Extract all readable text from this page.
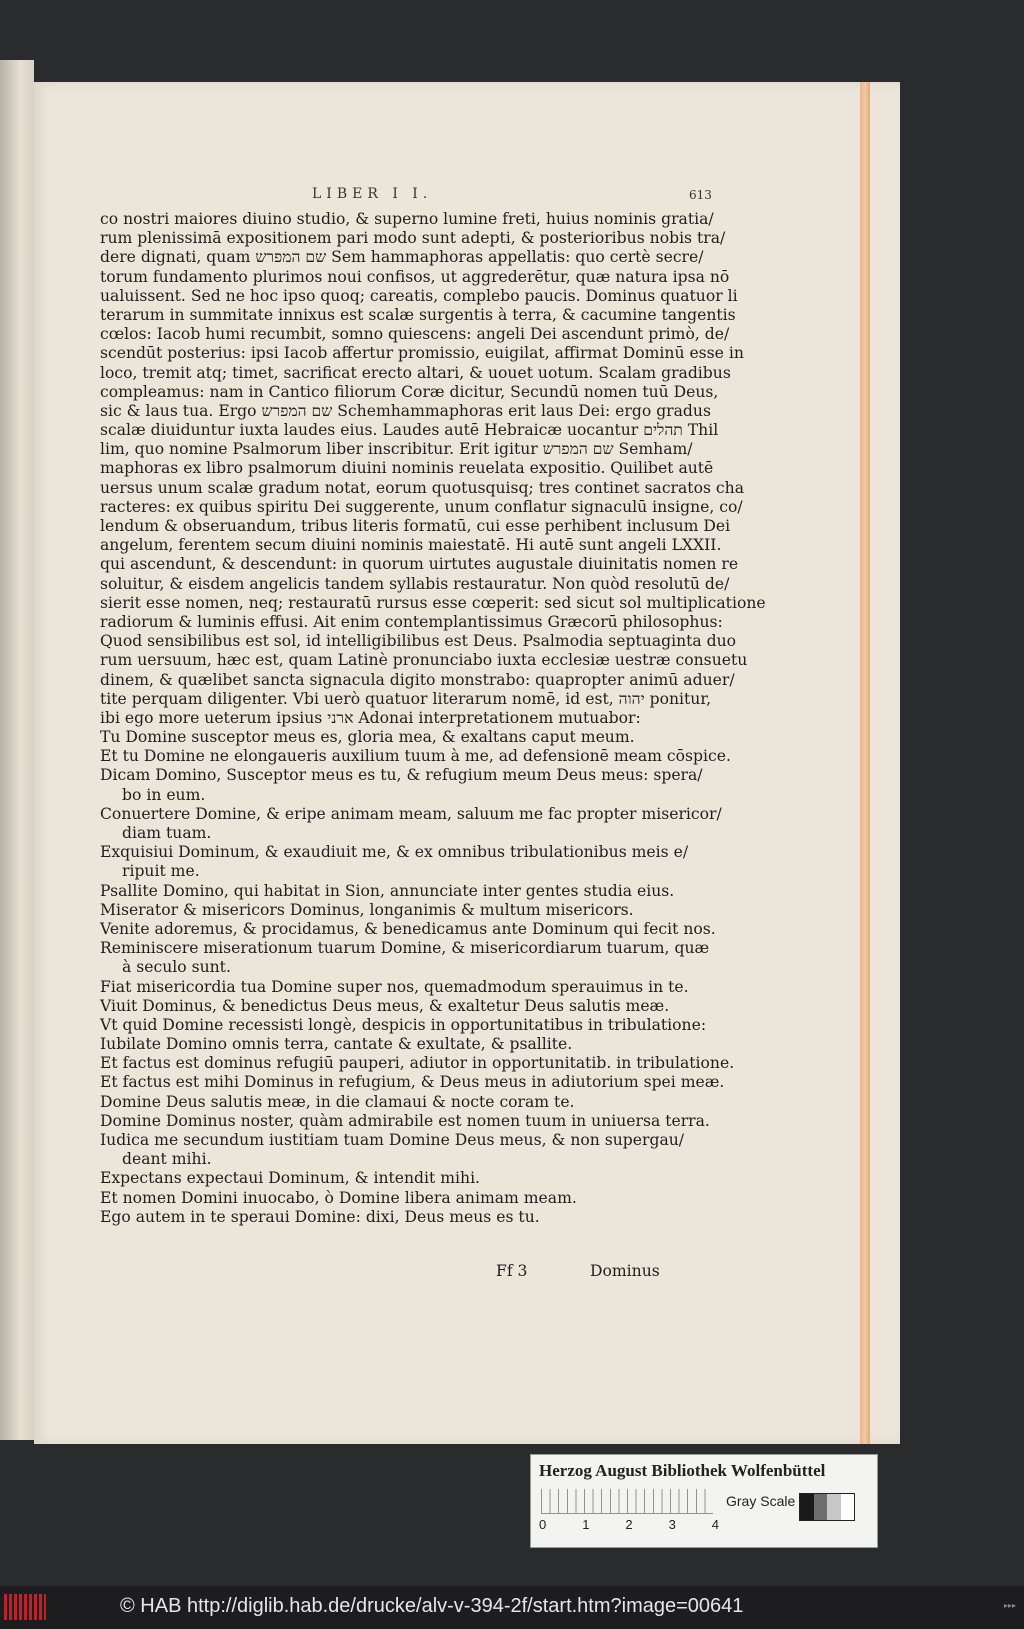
LIBER I I.	613
co nostri maiores diuino studio, & superno lumine freti, huius nominis gratia/
rum plenissimā expositionem pari modo sunt adepti, & posterioribus nobis tra/
dere dignati, quam שם המפרש Sem hammaphoras appellatis: quo certè secre/
torum fundamento plurimos noui confisos, ut aggrederētur, quæ natura ipsa nō
ualuissent. Sed ne hoc ipso quoq; careatis, complebo paucis. Dominus quatuor li
terarum in summitate innixus est scalæ surgentis à terra, & cacumine tangentis
cœlos: Iacob humi recumbit, somno quiescens: angeli Dei ascendunt primò, de/
scendūt posterius: ipsi Iacob affertur promissio, euigilat, affirmat Dominū esse in
loco, tremit atq; timet, sacrificat erecto altari, & uouet uotum. Scalam gradibus
compleamus: nam in Cantico filiorum Coræ dicitur, Secundū nomen tuū Deus,
sic & laus tua. Ergo שם המפרש Schemhammaphoras erit laus Dei: ergo gradus
scalæ diuiduntur iuxta laudes eius. Laudes autē Hebraicæ uocantur תהלים Thil
lim, quo nomine Psalmorum liber inscribitur. Erit igitur שם המפרש Semham/
maphoras ex libro psalmorum diuini nominis reuelata expositio. Quilibet autē
uersus unum scalæ gradum notat, eorum quotusquisq; tres continet sacratos cha
racteres: ex quibus spiritu Dei suggerente, unum conflatur signaculū insigne, co/
lendum & obseruandum, tribus literis formatū, cui esse perhibent inclusum Dei
angelum, ferentem secum diuini nominis maiestatē. Hi autē sunt angeli LXXII.
qui ascendunt, & descendunt: in quorum uirtutes augustale diuinitatis nomen re
soluitur, & eisdem angelicis tandem syllabis restauratur. Non quòd resolutū de/
sierit esse nomen, neq; restauratū rursus esse cœperit: sed sicut sol multiplicatione
radiorum & luminis effusi. Ait enim contemplantissimus Græcorū philosophus:
Quod sensibilibus est sol, id intelligibilibus est Deus. Psalmodia septuaginta duo
rum uersuum, hæc est, quam Latinè pronunciabo iuxta ecclesiæ uestræ consuetu
dinem, & quælibet sancta signacula digito monstrabo: quapropter animū aduer/
tite perquam diligenter. Vbi uerò quatuor literarum nomē, id est, יהוה ponitur,
ibi ego more ueterum ipsius ארני Adonai interpretationem mutuabor:
Tu Domine susceptor meus es, gloria mea, & exaltans caput meum.
Et tu Domine ne elongaueris auxilium tuum à me, ad defensionē meam cōspice.
Dicam Domino, Susceptor meus es tu, & refugium meum Deus meus: spera/
bo in eum.
Conuertere Domine, & eripe animam meam, saluum me fac propter misericor/
diam tuam.
Exquisiui Dominum, & exaudiuit me, & ex omnibus tribulationibus meis e/
ripuit me.
Psallite Domino, qui habitat in Sion, annunciate inter gentes studia eius.
Miserator & misericors Dominus, longanimis & multum misericors.
Venite adoremus, & procidamus, & benedicamus ante Dominum qui fecit nos.
Reminiscere miserationum tuarum Domine, & misericordiarum tuarum, quæ
à seculo sunt.
Fiat misericordia tua Domine super nos, quemadmodum sperauimus in te.
Viuit Dominus, & benedictus Deus meus, & exaltetur Deus salutis meæ.
Vt quid Domine recessisti longè, despicis in opportunitatibus in tribulatione:
Iubilate Domino omnis terra, cantate & exultate, & psallite.
Et factus est dominus refugiū pauperi, adiutor in opportunitatib. in tribulatione.
Et factus est mihi Dominus in refugium, & Deus meus in adiutorium spei meæ.
Domine Deus salutis meæ, in die clamaui & nocte coram te.
Domine Dominus noster, quàm admirabile est nomen tuum in uniuersa terra.
Iudica me secundum iustitiam tuam Domine Deus meus, & non supergau/
deant mihi.
Expectans expectaui Dominum, & intendit mihi.
Et nomen Domini inuocabo, ò Domine libera animam meam.
Ego autem in te speraui Domine: dixi, Deus meus es tu.
Ff 3	Dominus
Herzog August Bibliothek Wolfenbüttel
0	1	2	3	4
Gray Scale
© HAB http://diglib.hab.de/drucke/alv-v-394-2f/start.htm?image=00641	▸▸▸
